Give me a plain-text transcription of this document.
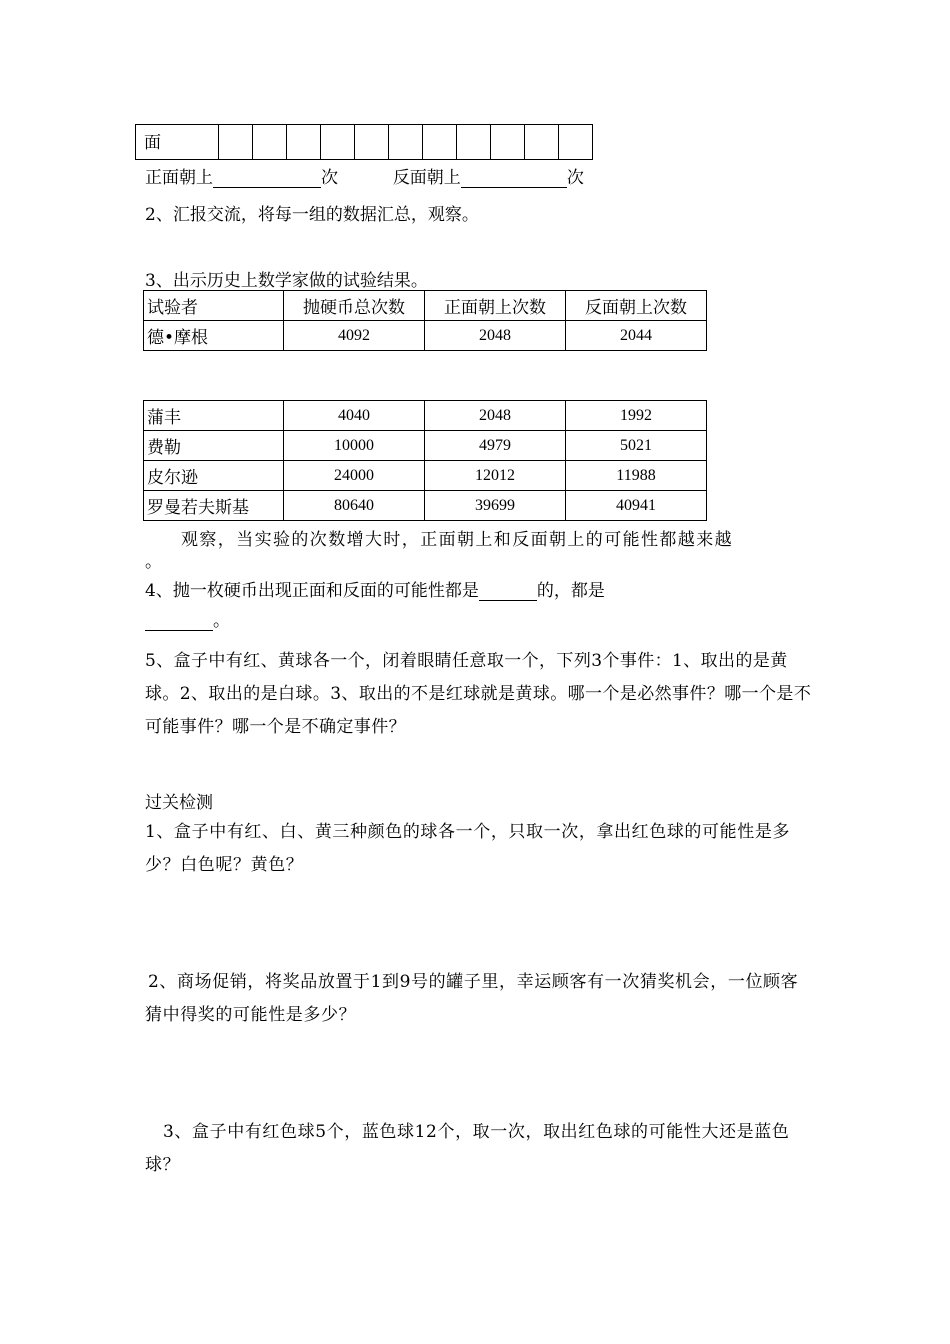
面											
正面朝上	次	反面朝上	次
2、汇报交流，将每一组的数据汇总，观察。
3、出示历史上数学家做的试验结果。
试验者	抛硬币总次数	正面朝上次数	反面朝上次数
德•摩根	4092	2048	2044
蒲丰	4040	2048	1992
费勒	10000	4979	5021
皮尔逊	24000	12012	11988
罗曼若夫斯基	80640	39699	40941
观察，当实验的次数增大时，正面朝上和反面朝上的可能性都越来越
。
4、抛一枚硬币出现正面和反面的可能性都是	的，都是
。
5、盒子中有红、黄球各一个，闭着眼睛任意取一个，下列3个事件：1、取出的是黄球。2、取出的是白球。3、取出的不是红球就是黄球。哪一个是必然事件？哪一个是不可能事件？哪一个是不确定事件？
过关检测
1、盒子中有红、白、黄三种颜色的球各一个，只取一次，拿出红色球的可能性是多少？白色呢？黄色？
2、商场促销，将奖品放置于1到9号的罐子里，幸运顾客有一次猜奖机会，一位顾客猜中得奖的可能性是多少？
3、盒子中有红色球5个，蓝色球12个，取一次，取出红色球的可能性大还是蓝色球？
